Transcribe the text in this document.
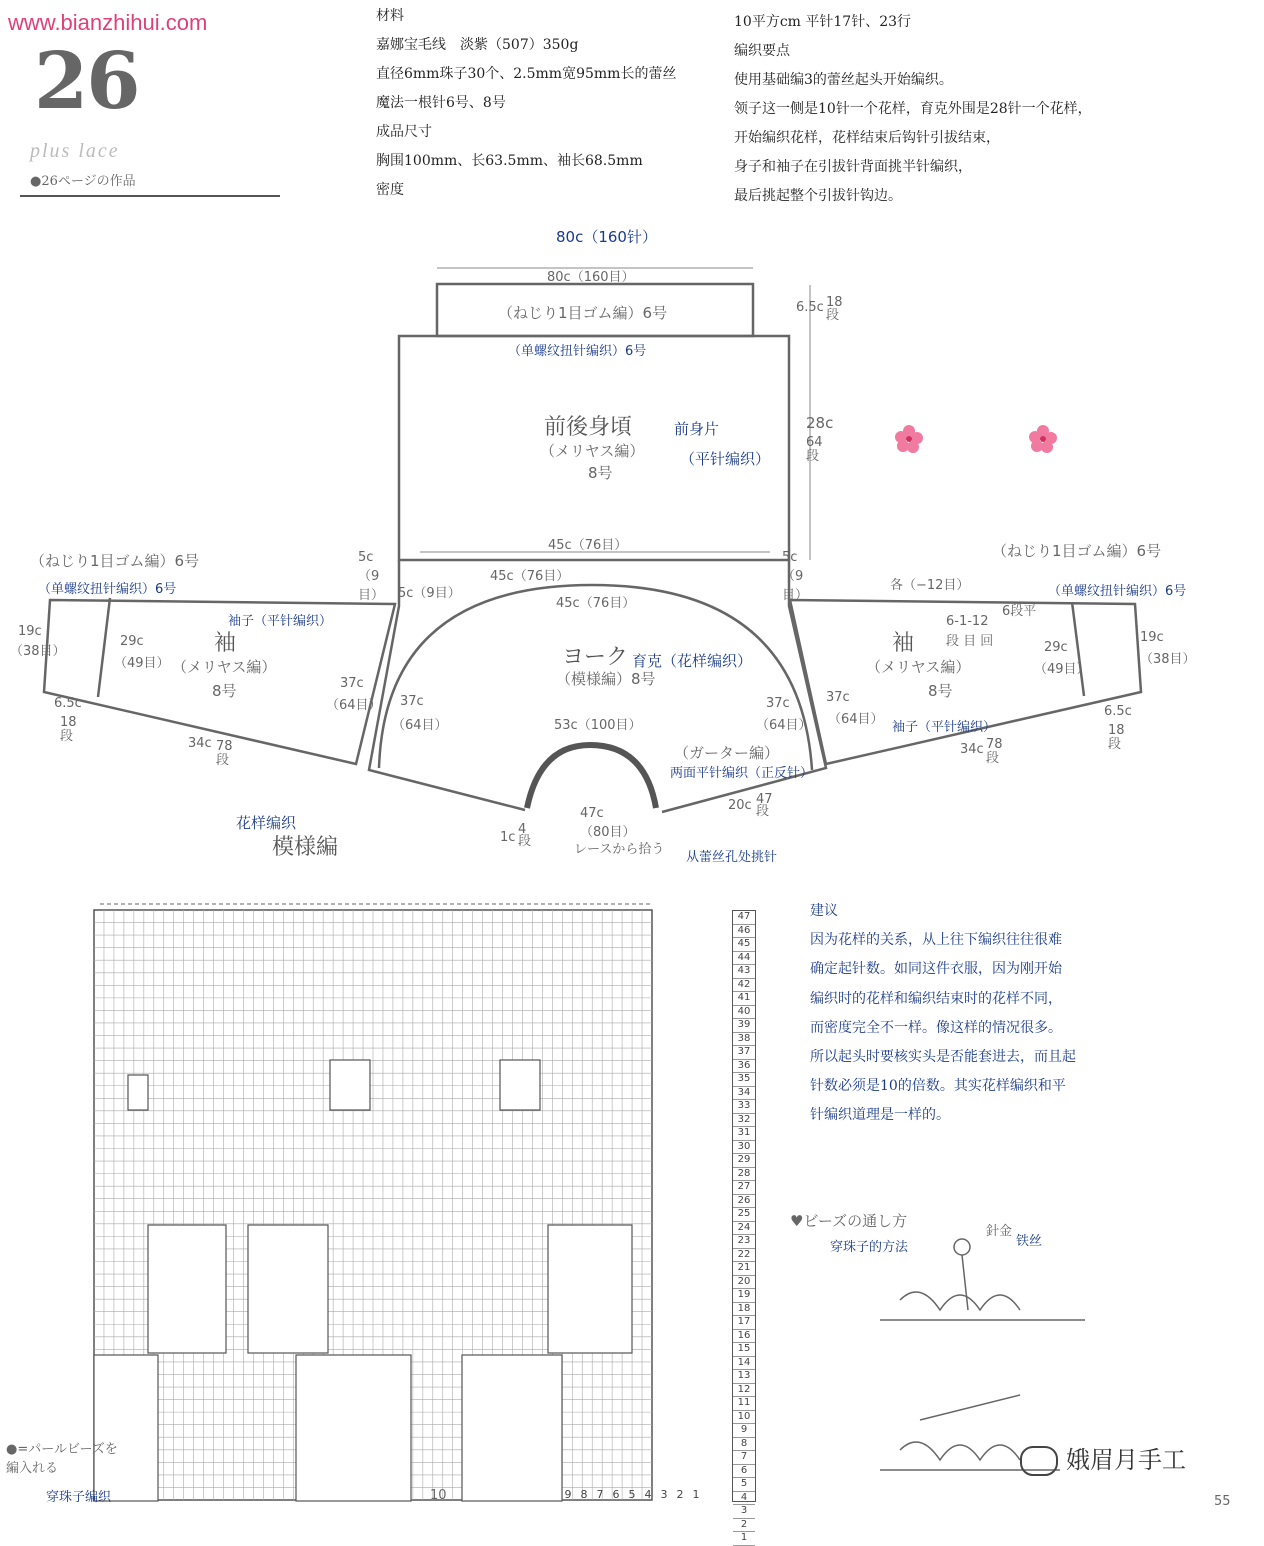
www.bianzhihui.com
26
plus lace
●26ページの作品

材料

嘉娜宝毛线　淡紫（507）350g

直径6mm珠子30个、2.5mm宽95mm长的蕾丝

魔法一根针6号、8号

成品尺寸

胸围100mm、长63.5mm、袖长68.5mm

密度

10平方cm 平针17针、23行

编织要点

使用基础编3的蕾丝起头开始编织。

领子这一侧是10针一个花样，育克外围是28针一个花样，

开始编织花样，花样结束后钩针引拔结束，

身子和袖子在引拔针背面挑半针编织，

最后挑起整个引拔针钩边。

80c（160针）
80c（160目）
（ねじり1目ゴム編）6号
（单螺纹扭针编织）6号
6.5c 18段
前後身頃
（メリヤス編）
8号
前身片
（平针编织）
28c
64段
45c（76目）
5c（9目）
5c（9目）
45c（76目）
45c（76目）
ヨーク 育克（花样编织）
（模様編）8号
37c
（64目）
37c
（64目）
53c（100目）
（ガーター編）
两面平针编织（正反针）
47c（80目）
レースから拾う
从蕾丝孔处挑针
1c
4段
20c 47段
（ねじり1目ゴム編）6号
（单螺纹扭针编织）6号
袖子（平针编织）
袖
（メリヤス編）
8号
19c
（38目）
29c
（49目）
5c（9目）
37c
（64目）
6.5c
18段	34c 78段
（ねじり1目ゴム編）6号
（单螺纹扭针编织）6号
各（−12目）
6-1-12
段 目 回
6段平
袖
（メリヤス編）
8号
袖子（平针编织）
19c
（38目）
29c
（49目）
37c
（64目）
6.5c
18段
34c 78段
花样编织
模様編
47
46
45
44
43
42
41
40
39
38
37
36
35
34
33
32
31
30
29
28
27
26
25
24
23
22
21
20
19
18
17
16
15
14
13
12
11
10
9
8
7
6
5
4
3
2
1
9 8 7 6 5 4 3 2 1
10
●=パールビーズを
編入れる
穿珠子编织

建议

因为花样的关系，从上往下编织往往很难

确定起针数。如同这件衣服，因为刚开始

编织时的花样和编织结束时的花样不同，

而密度完全不一样。像这样的情况很多。

所以起头时要核实头是否能套进去，而且起

针数必须是10的倍数。其实花样编织和平

针编织道理是一样的。

♥ビーズの通し方
穿珠子的方法
針金
铁丝
娥眉月手工
55
